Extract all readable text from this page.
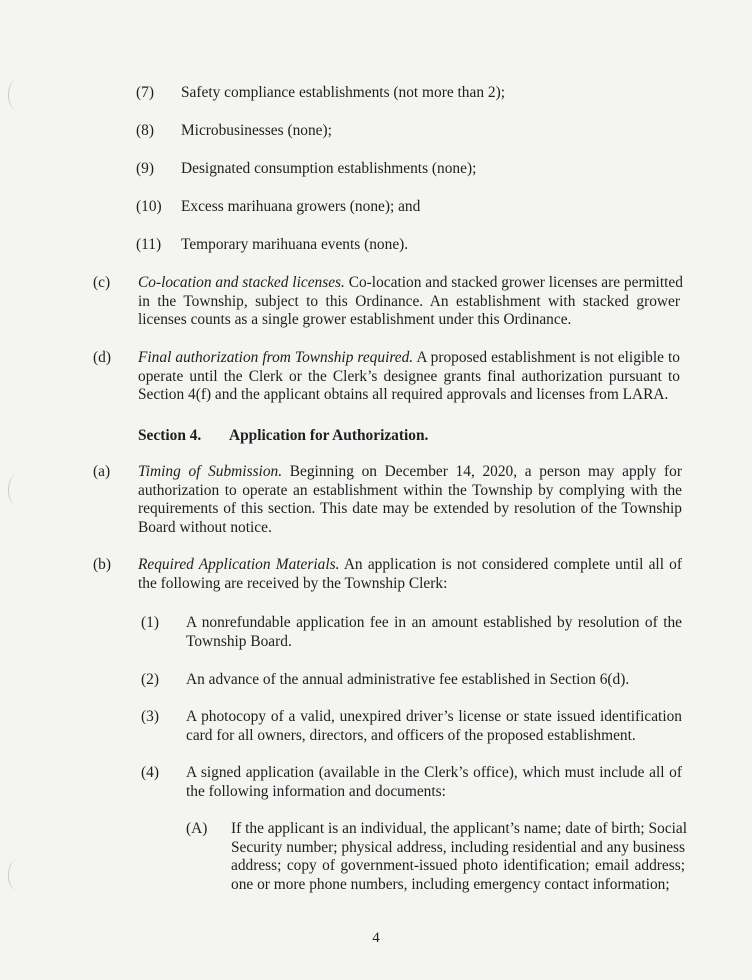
(7) Safety compliance establishments (not more than 2);
(8) Microbusinesses (none);
(9) Designated consumption establishments (none);
(10) Excess marihuana growers (none); and
(11) Temporary marihuana events (none).
(c) Co-location and stacked licenses. Co-location and stacked grower licenses are permitted
in the Township, subject to this Ordinance. An establishment with stacked grower
licenses counts as a single grower establishment under this Ordinance.
(d) Final authorization from Township required. A proposed establishment is not eligible to
operate until the Clerk or the Clerk’s designee grants final authorization pursuant to
Section 4(f) and the applicant obtains all required approvals and licenses from LARA.
Section 4. Application for Authorization.
(a) Timing of Submission. Beginning on December 14, 2020, a person may apply for
authorization to operate an establishment within the Township by complying with the
requirements of this section. This date may be extended by resolution of the Township
Board without notice.
(b) Required Application Materials. An application is not considered complete until all of
the following are received by the Township Clerk:
(1) A nonrefundable application fee in an amount established by resolution of the
Township Board.
(2) An advance of the annual administrative fee established in Section 6(d).
(3) A photocopy of a valid, unexpired driver’s license or state issued identification
card for all owners, directors, and officers of the proposed establishment.
(4) A signed application (available in the Clerk’s office), which must include all of
the following information and documents:
(A) If the applicant is an individual, the applicant’s name; date of birth; Social
Security number; physical address, including residential and any business
address; copy of government-issued photo identification; email address;
one or more phone numbers, including emergency contact information;
4
